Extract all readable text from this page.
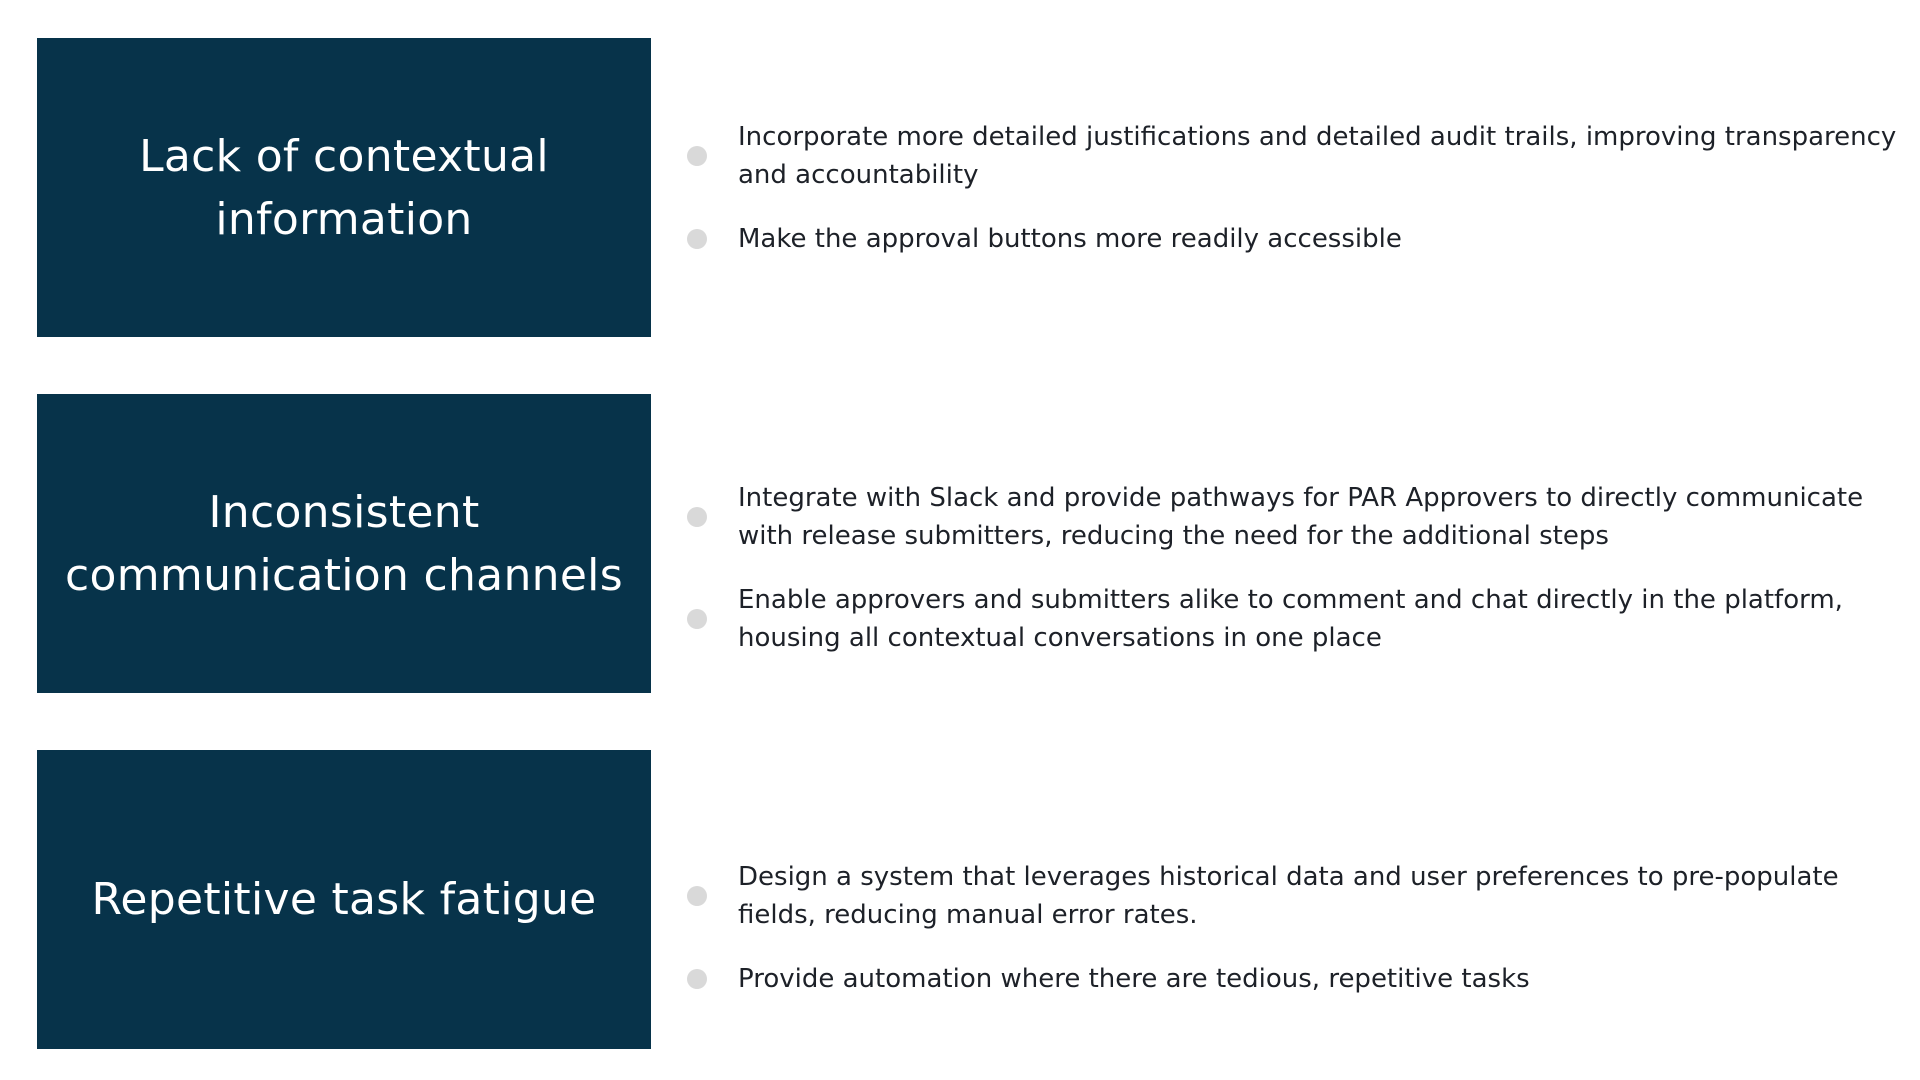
Lack of contextual information
Incorporate more detailed justifications and detailed audit trails, improving transparency and accountability
Make the approval buttons more readily accessible
Inconsistent communication channels
Integrate with Slack and provide pathways for PAR Approvers to directly communicate with release submitters, reducing the need for the additional steps
Enable approvers and submitters alike to comment and chat directly in the platform, housing all contextual conversations in one place
Repetitive task fatigue	Design a system that leverages historical data and user preferences to pre-populate fields, reducing manual error rates.
Provide automation where there are tedious, repetitive tasks
